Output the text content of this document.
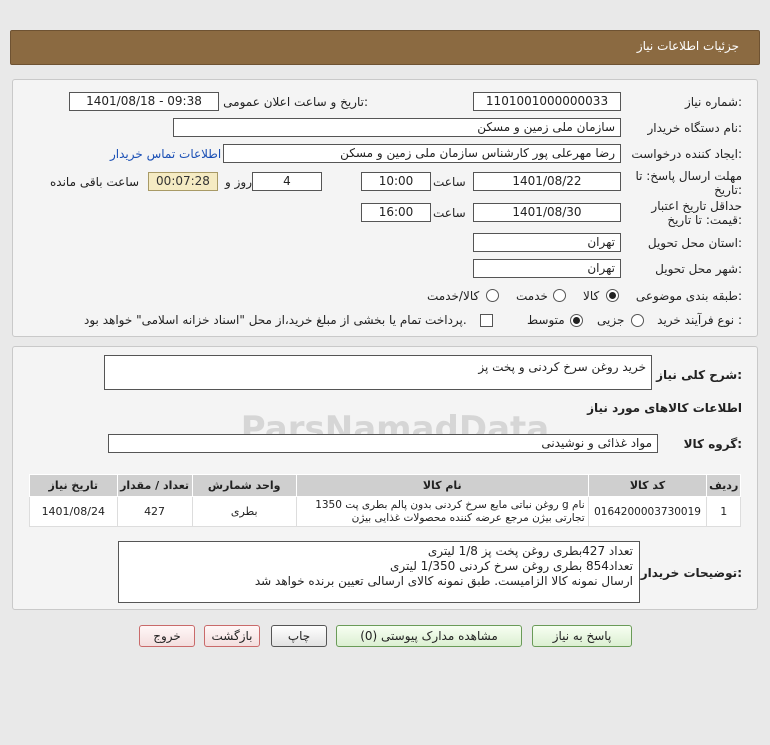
جزئیات اطلاعات نیاز
شماره نیاز:
1101001000000033
تاریخ و ساعت اعلان عمومی:
1401/08/18 - 09:38
نام دستگاه خریدار:
سازمان ملی زمین و مسکن
ایجاد کننده درخواست:
رضا مهرعلی پور کارشناس سازمان ملی زمین و مسکن
اطلاعات تماس خریدار
مهلت ارسال پاسخ: تا تاریخ:
1401/08/22
ساعت
10:00
4
روز و
00:07:28
ساعت باقی مانده
حداقل تاریخ اعتبار قیمت: تا تاریخ:
1401/08/30
ساعت
16:00
استان محل تحویل:
تهران
شهر محل تحویل:
تهران
طبقه بندی موضوعی:
کالا
خدمت
کالا/خدمت
نوع فرآیند خرید :
جزیی
متوسط
پرداخت تمام یا بخشی از مبلغ خرید،از محل "اسناد خزانه اسلامی" خواهد بود.
شرح کلی نیاز:
خرید روغن سرخ کردنی و پخت پز
اطلاعات کالاهای مورد نیاز
گروه کالا:
مواد غذائی و نوشیدنی
تاریخ نیاز	تعداد / مقدار	واحد شمارش	نام کالا	کد کالا	ردیف
1401/08/24	427	بطری	روغن نباتی مایع سرخ کردنی بدون پالم بطری پت 1350 g نام تجارتی بیژن مرجع عرضه کننده محصولات غذایی بیژن	0164200003730019	1
توضیحات خریدار:
تعداد 427بطری روغن پخت پز 1/8 لیتری
تعداد854 بطری روغن سرخ کردنی 1/350 لیتری
ارسال نمونه کالا الزامیست. طبق نمونه کالای ارسالی تعیین برنده خواهد شد
پاسخ به نیاز
مشاهده مدارک پیوستی (0)
چاپ
بازگشت
خروج
